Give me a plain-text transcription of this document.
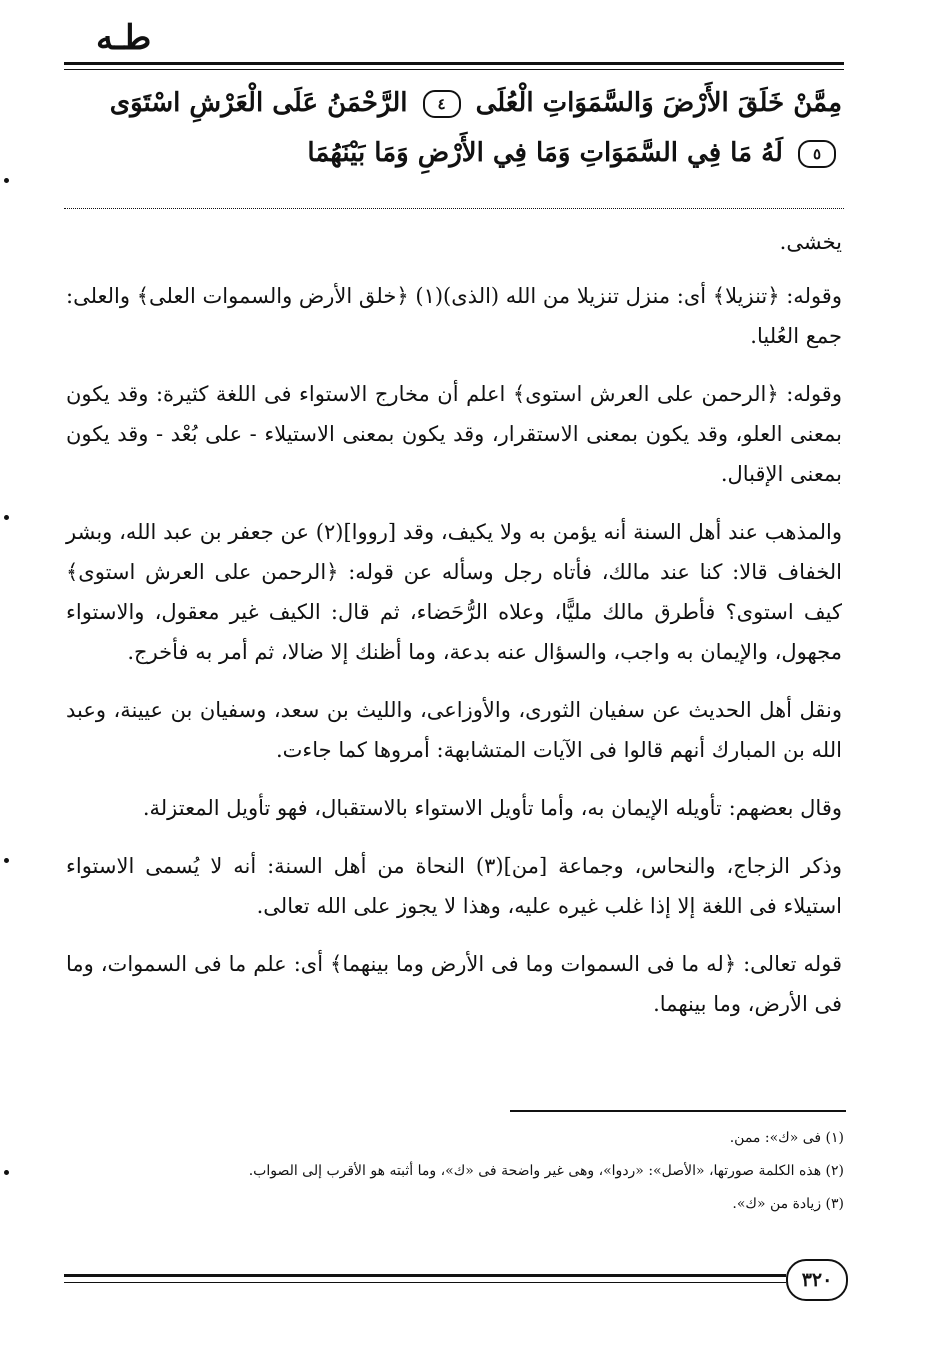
طـه
مِمَّنْ خَلَقَ الأَرْضَ وَالسَّمَوَاتِ الْعُلَى ٤ الرَّحْمَنُ عَلَى الْعَرْشِ اسْتَوَى ٥ لَهُ مَا فِي السَّمَوَاتِ وَمَا فِي الأَرْضِ وَمَا بَيْنَهُمَا

يخشى.

وقوله: ﴿تنزيلا﴾ أى: منزل تنزيلا من الله (الذى)(١) ﴿خلق الأرض والسموات العلى﴾ والعلى: جمع العُليا.

وقوله: ﴿الرحمن على العرش استوى﴾ اعلم أن مخارج الاستواء فى اللغة كثيرة: وقد يكون بمعنى العلو، وقد يكون بمعنى الاستقرار، وقد يكون بمعنى الاستيلاء - على بُعْد - وقد يكون بمعنى الإقبال.

والمذهب عند أهل السنة أنه يؤمن به ولا يكيف، وقد [رووا](٢) عن جعفر بن عبد الله، وبشر الخفاف قالا: كنا عند مالك، فأتاه رجل وسأله عن قوله: ﴿الرحمن على العرش استوى﴾ كيف استوى؟ فأطرق مالك مليًّا، وعلاه الرُّحَضاء، ثم قال: الكيف غير معقول، والاستواء مجهول، والإيمان به واجب، والسؤال عنه بدعة، وما أظنك إلا ضالا، ثم أمر به فأخرج.

ونقل أهل الحديث عن سفيان الثورى، والأوزاعى، والليث بن سعد، وسفيان بن عيينة، وعبد الله بن المبارك أنهم قالوا فى الآيات المتشابهة: أمروها كما جاءت.

وقال بعضهم: تأويله الإيمان به، وأما تأويل الاستواء بالاستقبال، فهو تأويل المعتزلة.

وذكر الزجاج، والنحاس، وجماعة [من](٣) النحاة من أهل السنة: أنه لا يُسمى الاستواء استيلاء فى اللغة إلا إذا غلب غيره عليه، وهذا لا يجوز على الله تعالى.

قوله تعالى: ﴿له ما فى السموات وما فى الأرض وما بينهما﴾ أى: علم ما فى السموات، وما فى الأرض، وما بينهما.

(١) فى «ك»: ممن.
(٢) هذه الكلمة صورتها، «الأصل»: «ردوا»، وهى غير واضحة فى «ك»، وما أثبته هو الأقرب إلى الصواب.
(٣) زيادة من «ك».
٣٢٠
